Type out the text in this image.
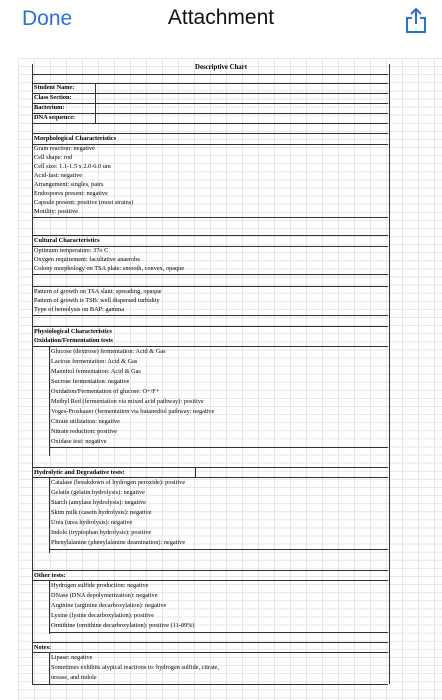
Done	Attachment
Descriptive Chart
Student Name:
Class Section:
Bacterium:
DNA sequence:
Morphological Characteristics
Gram reaction: negative
Cell shape: rod
Cell size: 1.1-1.5 x 2.0-6.0 um
Acid-fast: negative
Arrangement: singles, pairs
Endospores present: negative
Capsule present: positive (most strains)
Motility: positive
Cultural Characteristics
Optimum temperature: 37o C
Oxygen requirement: facultative anaerobe
Colony morphology on TSA plate: smooth, convex, opaque
Pattern of growth on TSA slant: spreading, opaque
Pattern of growth is TSB: well dispersed turbidity
Type of hemolysis on BAP: gamma
Physiological Characteristics
Oxidation/Fermentation tests
Glucose (dextrose) fermentation: Acid & Gas
Lactose fermentation: Acid & Gas
Mannitol fermentation: Acid & Gas
Sucrose fermentation: negative
Oxidation/Fermentation of glucose: O+/F+
Methyl Red (fermentation via mixed acid pathway): positive
Voges-Proskauer (fermentation via butanediol pathway: negative
Citrate utilization: negative
Nitrate reduction: positive
Oxidase test: negative
Hydrolytic and Degradative tests:
Catalase (breakdown of hydrogen peroxide): positive
Gelatin (gelatin hydrolysis): negative
Starch (amylase hydrolysis): negative
Skim milk (casein hydrolysis): negative
Urea (urea hydrolysis): negative
Indole (tryptophan hydrolysis): positive
Phenylalanine (phenylalanine deamination): negative
Other tests:
Hydrogen sulfide production: negative
DNase (DNA depolymerization): negative
Arginine (arginine decarboxylation): negative
Lysine (lysine decarboxylation): positive
Ornithine (ornithine decarboxylation): positive (11-89%)
Notes:
Lipase: negative
Sometimes exhibits atypical reactions to: hydrogen sulfide, citrate,
urease, and indole
